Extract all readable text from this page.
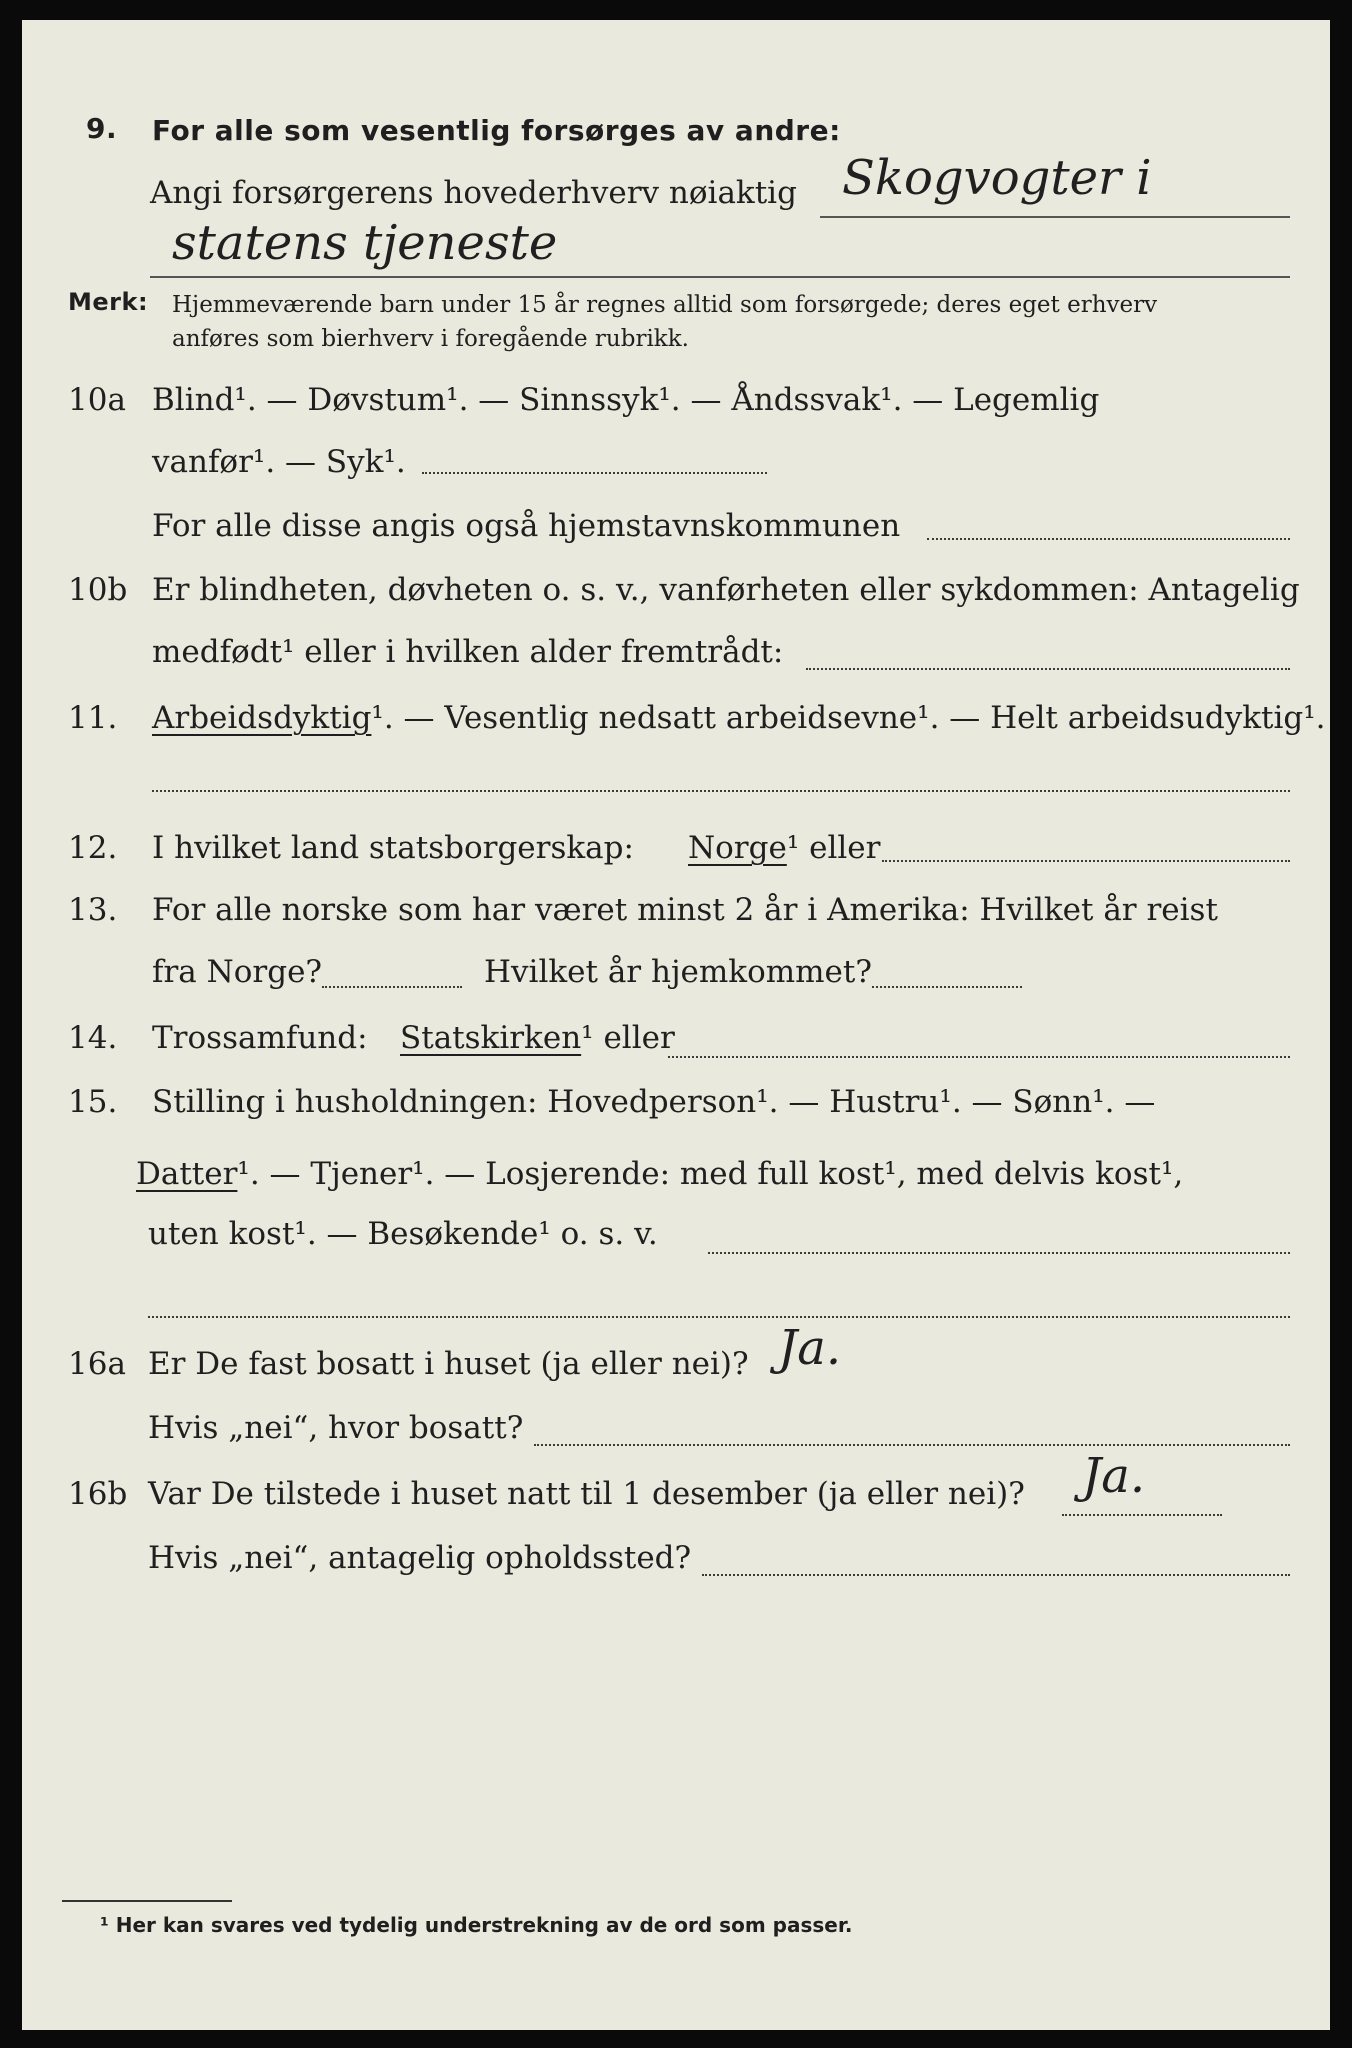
9. For alle som vesentlig forsørges av andre:
Angi forsørgerens hovederhverv nøiaktig Skogvogter i
statens tjeneste
Merk: Hjemmeværende barn under 15 år regnes alltid som forsørgede; deres eget erhverv
anføres som bierhverv i foregående rubrikk.
10a Blind¹. — Døvstum¹. — Sinnssyk¹. — Åndssvak¹. — Legemlig
vanfør¹. — Syk¹.
For alle disse angis også hjemstavnskommunen
10b Er blindheten, døvheten o. s. v., vanførheten eller sykdommen: Antagelig
medfødt¹ eller i hvilken alder fremtrådt:
11. Arbeidsdyktig¹. — Vesentlig nedsatt arbeidsevne¹. — Helt arbeidsudyktig¹.
12. I hvilket land statsborgerskap: Norge¹ eller
13. For alle norske som har været minst 2 år i Amerika: Hvilket år reist
fra Norge?	Hvilket år hjemkommet?
14. Trossamfund: Statskirken¹ eller
15. Stilling i husholdningen: Hovedperson¹. — Hustru¹. — Sønn¹. —
Datter¹. — Tjener¹. — Losjerende: med full kost¹, med delvis kost¹,
uten kost¹. — Besøkende¹ o. s. v.
16a Er De fast bosatt i huset (ja eller nei)? Ja.
Hvis „nei“, hvor bosatt?
16b Var De tilstede i huset natt til 1 desember (ja eller nei)? Ja.
Hvis „nei“, antagelig opholdssted?
¹ Her kan svares ved tydelig understrekning av de ord som passer.
